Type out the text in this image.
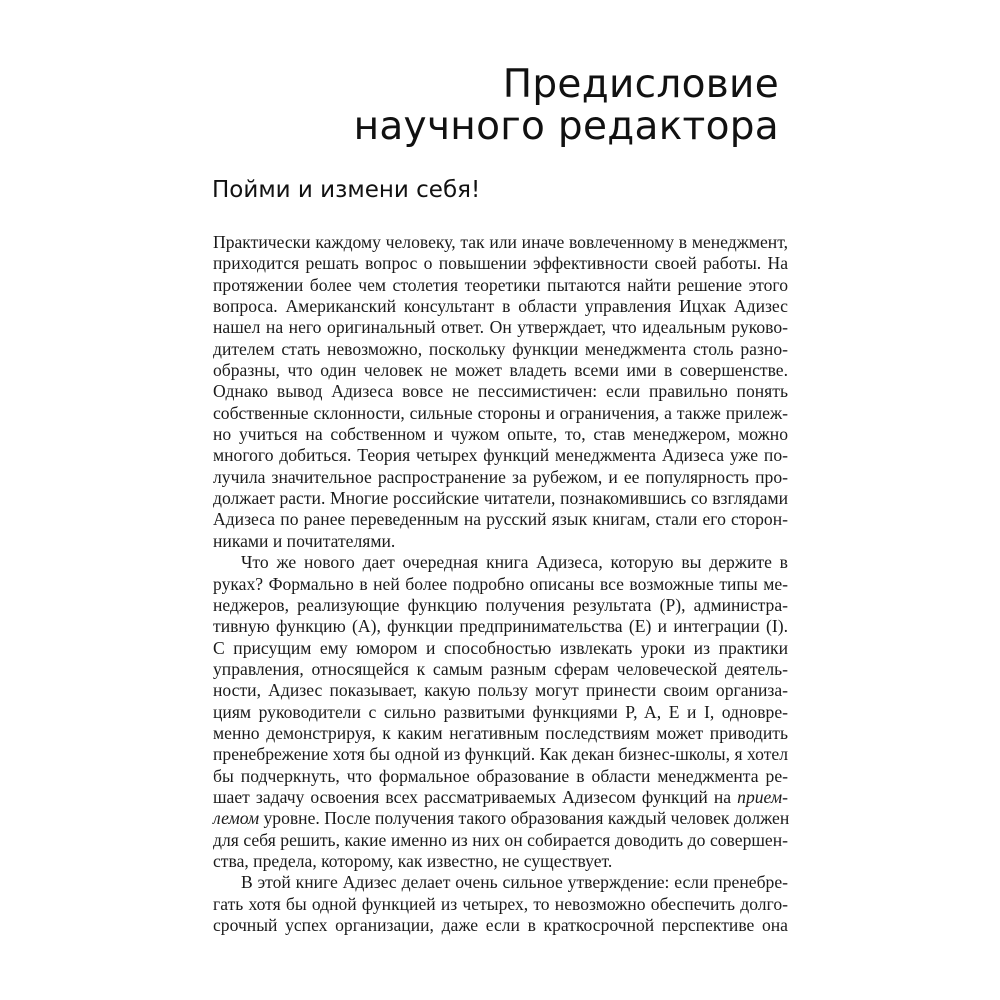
Предисловие
научного редактора
Пойми и измени себя!
Практически каждому человеку, так или иначе вовлеченному в менеджмент,
приходится решать вопрос о повышении эффективности своей работы. На
протяжении более чем столетия теоретики пытаются найти решение этого
вопроса. Американский консультант в области управления Ицхак Адизес
нашел на него оригинальный ответ. Он утверждает, что идеальным руково-
дителем стать невозможно, поскольку функции менеджмента столь разно-
образны, что один человек не может владеть всеми ими в совершенстве.
Однако вывод Адизеса вовсе не пессимистичен: если правильно понять
собственные склонности, сильные стороны и ограничения, а также прилеж-
но учиться на собственном и чужом опыте, то, став менеджером, можно
многого добиться. Теория четырех функций менеджмента Адизеса уже по-
лучила значительное распространение за рубежом, и ее популярность про-
должает расти. Многие российские читатели, познакомившись со взглядами
Адизеса по ранее переведенным на русский язык книгам, стали его сторон-
никами и почитателями.
Что же нового дает очередная книга Адизеса, которую вы держите в
руках? Формально в ней более подробно описаны все возможные типы ме-
неджеров, реализующие функцию получения результата (P), администра-
тивную функцию (A), функции предпринимательства (E) и интеграции (I).
С присущим ему юмором и способностью извлекать уроки из практики
управления, относящейся к самым разным сферам человеческой деятель-
ности, Адизес показывает, какую пользу могут принести своим организа-
циям руководители с сильно развитыми функциями P, A, E и I, одновре-
менно демонстрируя, к каким негативным последствиям может приводить
пренебрежение хотя бы одной из функций. Как декан бизнес-школы, я хотел
бы подчеркнуть, что формальное образование в области менеджмента ре-
шает задачу освоения всех рассматриваемых Адизесом функций на прием-
лемом уровне. После получения такого образования каждый человек должен
для себя решить, какие именно из них он собирается доводить до совершен-
ства, предела, которому, как известно, не существует.
В этой книге Адизес делает очень сильное утверждение: если пренебре-
гать хотя бы одной функцией из четырех, то невозможно обеспечить долго-
срочный успех организации, даже если в краткосрочной перспективе она
